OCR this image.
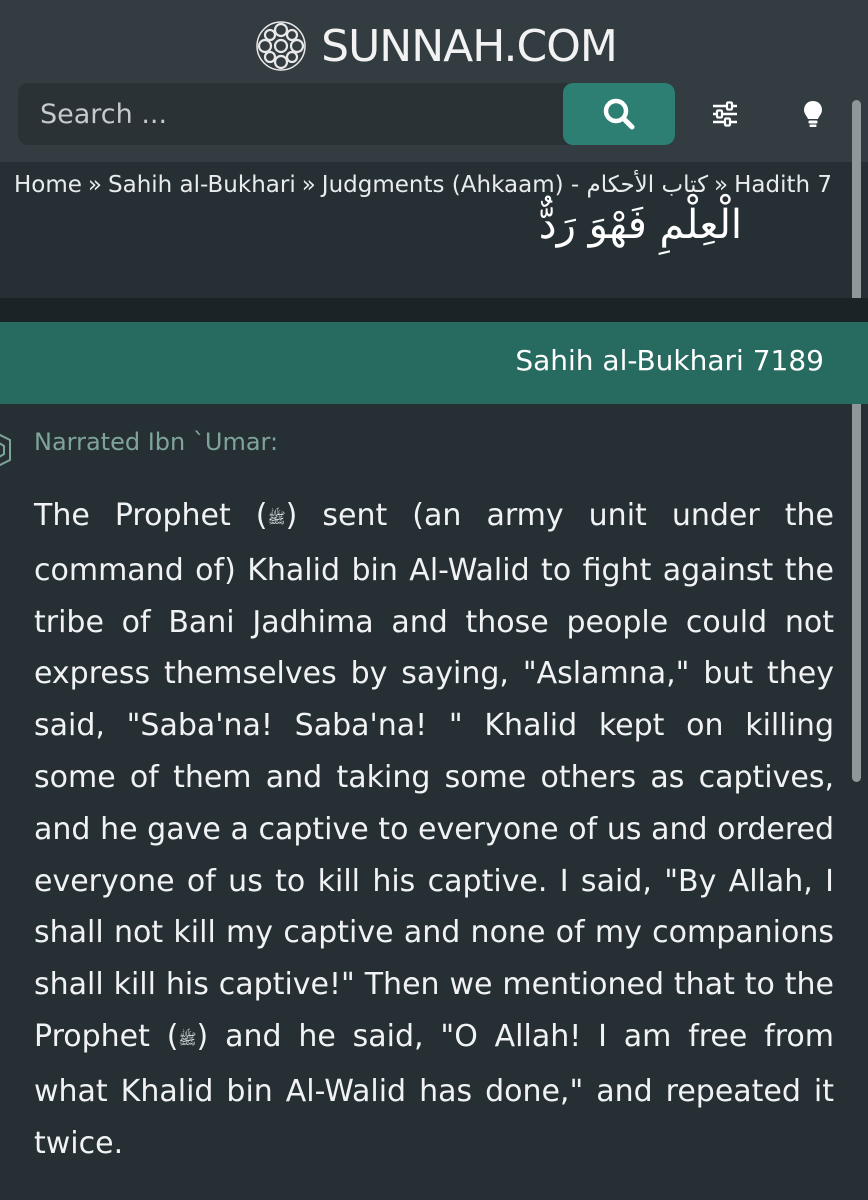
SUNNAH.COM
Search ...
Home » Sahih al-Bukhari » Judgments (Ahkaam) - كتاب الأحكام » Hadith 7
الْعِلْمِ فَهْوَ رَدٌّ
Sahih al-Bukhari 7189
Narrated Ibn `Umar:

The Prophet (ﷺ) sent (an army unit under the command of) Khalid bin Al-Walid to fight against the tribe of Bani Jadhima and those people could not express themselves by saying, "Aslamna," but they said, "Saba'na! Saba'na! " Khalid kept on killing some of them and taking some others as captives, and he gave a captive to everyone of us and ordered everyone of us to kill his captive. I said, "By Allah, I shall not kill my captive and none of my companions shall kill his captive!" Then we mentioned that to the Prophet (ﷺ) and he said, "O Allah! I am free from what Khalid bin Al-Walid has done," and repeated it twice.
